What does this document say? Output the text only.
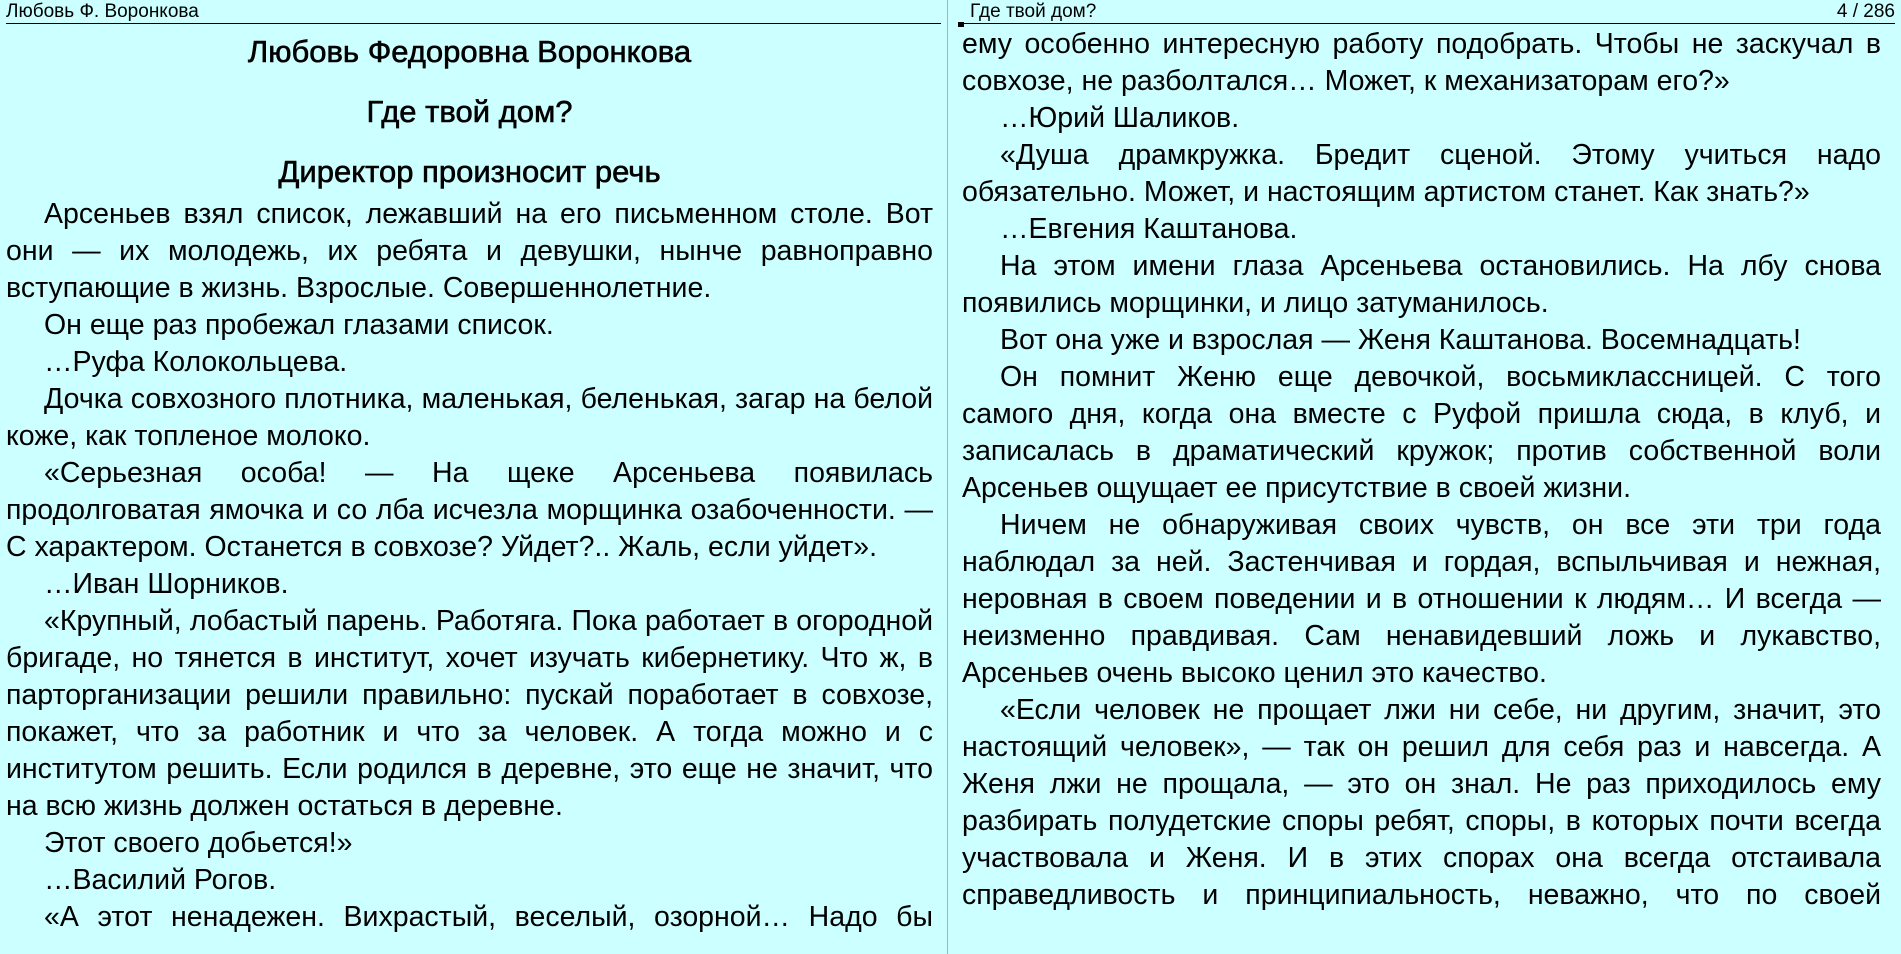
Любовь Ф. Воронкова
Любовь Федоровна Воронкова
Где твой дом?
Директор произносит речь

Арсеньев взял список, лежавший на его письменном столе. Вот они — их молодежь, их ребята и девушки, нынче равноправно вступающие в жизнь. Взрослые. Совершеннолетние.

Он еще раз пробежал глазами список.

…Руфа Колокольцева.

Дочка совхозного плотника, маленькая, беленькая, загар на белой коже, как топленое молоко.

«Серьезная особа! — На щеке Арсеньева появилась продолговатая ямочка и со лба исчезла морщинка озабоченности. — С характером. Останется в совхозе? Уйдет?.. Жаль, если уйдет».

…Иван Шорников.

«Крупный, лобастый парень. Работяга. Пока работает в огородной бригаде, но тянется в институт, хочет изучать кибернетику. Что ж, в парторганизации решили правильно: пускай поработает в совхозе, покажет, что за работник и что за человек. А тогда можно и с институтом решить. Если родился в деревне, это еще не значит, что на всю жизнь должен остаться в деревне.

Этот своего добьется!»

…Василий Рогов.

«А этот ненадежен. Вихрастый, веселый, озорной… Надо бы

Где твой дом?	4 / 286

ему особенно интересную работу подобрать. Чтобы не заскучал в совхозе, не разболтался… Может, к механизаторам его?»

…Юрий Шаликов.

«Душа драмкружка. Бредит сценой. Этому учиться надо обязательно. Может, и настоящим артистом станет. Как знать?»

…Евгения Каштанова.

На этом имени глаза Арсеньева остановились. На лбу снова появились морщинки, и лицо затуманилось.

Вот она уже и взрослая — Женя Каштанова. Восемнадцать!

Он помнит Женю еще девочкой, восьмиклассницей. С того самого дня, когда она вместе с Руфой пришла сюда, в клуб, и записалась в драматический кружок; против собственной воли Арсеньев ощущает ее присутствие в своей жизни.

Ничем не обнаруживая своих чувств, он все эти три года наблюдал за ней. Застенчивая и гордая, вспыльчивая и нежная, неровная в своем поведении и в отношении к людям… И всегда — неизменно правдивая. Сам ненавидевший ложь и лукавство, Арсеньев очень высоко ценил это качество.

«Если человек не прощает лжи ни себе, ни другим, значит, это настоящий человек», — так он решил для себя раз и навсегда. А Женя лжи не прощала, — это он знал. Не раз приходилось ему разбирать полудетские споры ребят, споры, в которых почти всегда участвовала и Женя. И в этих спорах она всегда отстаивала справедливость и принципиальность, неважно, что по своей
